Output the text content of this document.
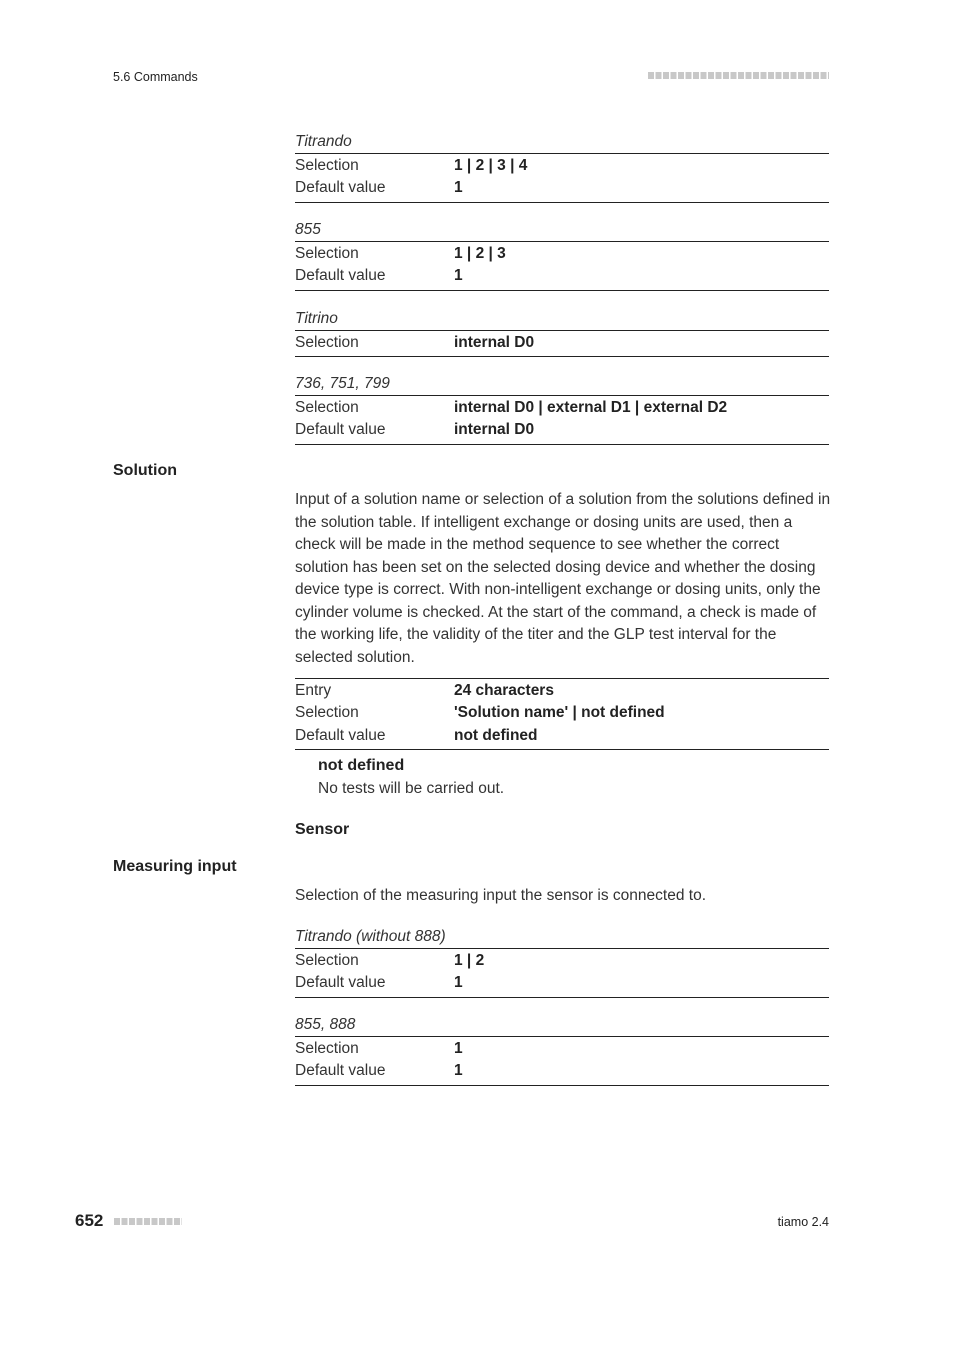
5.6 Commands
Titrando
Selection	1 | 2 | 3 | 4
Default value	1
855
Selection	1 | 2 | 3
Default value	1
Titrino
Selection	internal D0
736, 751, 799
Selection	internal D0 | external D1 | external D2
Default value	internal D0
Solution
Input of a solution name or selection of a solution from the solutions defined in the solution table. If intelligent exchange or dosing units are used, then a check will be made in the method sequence to see whether the correct solution has been set on the selected dosing device and whether the dosing device type is correct. With non-intelligent exchange or dosing units, only the cylinder volume is checked. At the start of the command, a check is made of the working life, the validity of the titer and the GLP test interval for the selected solution.
Entry	24 characters
Selection	'Solution name' | not defined
Default value	not defined
not defined
No tests will be carried out.
Sensor
Measuring input
Selection of the measuring input the sensor is connected to.
Titrando (without 888)
Selection	1 | 2
Default value	1
855, 888
Selection	1
Default value	1
652	tiamo 2.4
